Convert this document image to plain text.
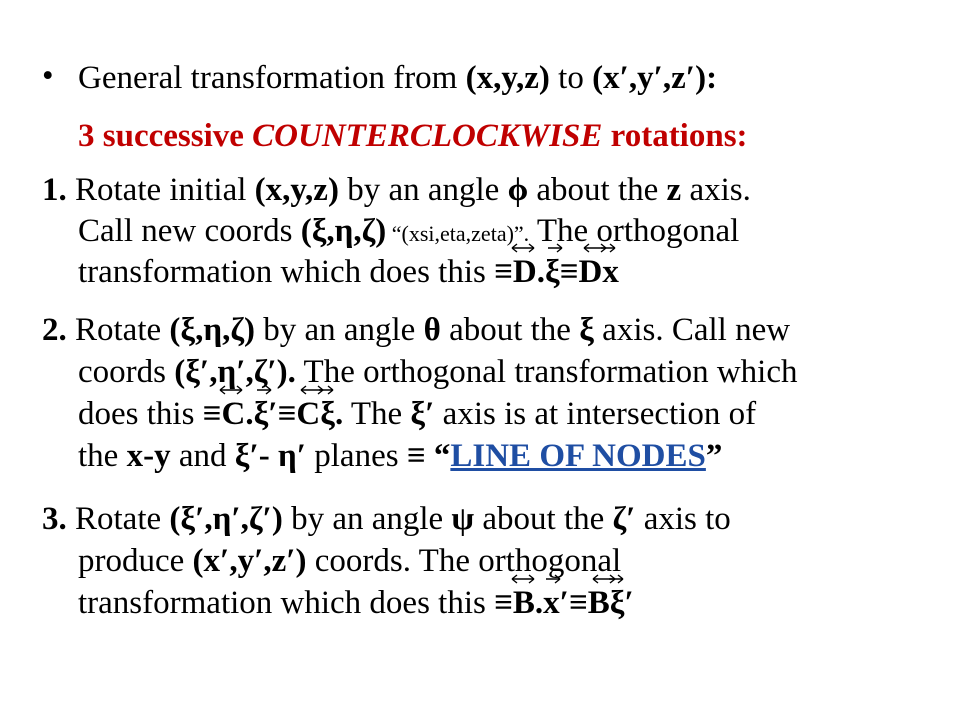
• General transformation from (x,y,z) to (x′,y′,z′):
3 successive COUNTERCLOCKWISE rotations:
1. Rotate initial (x,y,z) by an angle ϕ about the z axis.
Call new coords (ξ,η,ζ) “(xsi,eta,zeta)”. The orthogonal
transformation which does this ≡
D.
ξ≡
D
x
2. Rotate (ξ,η,ζ) by an angle θ about the ξ axis. Call new
coords (ξ′,η′,ζ′). The orthogonal transformation which
does this ≡
C.
ξ′≡
C
ξ. The ξ′ axis is at intersection of
the x-y and ξ′- η′ planes ≡ “LINE OF NODES”
3. Rotate (ξ′,η′,ζ′) by an angle ψ about the ζ′ axis to
produce (x′,y′,z′) coords. The orthogonal
transformation which does this ≡
B.
x′≡
B
ξ′
